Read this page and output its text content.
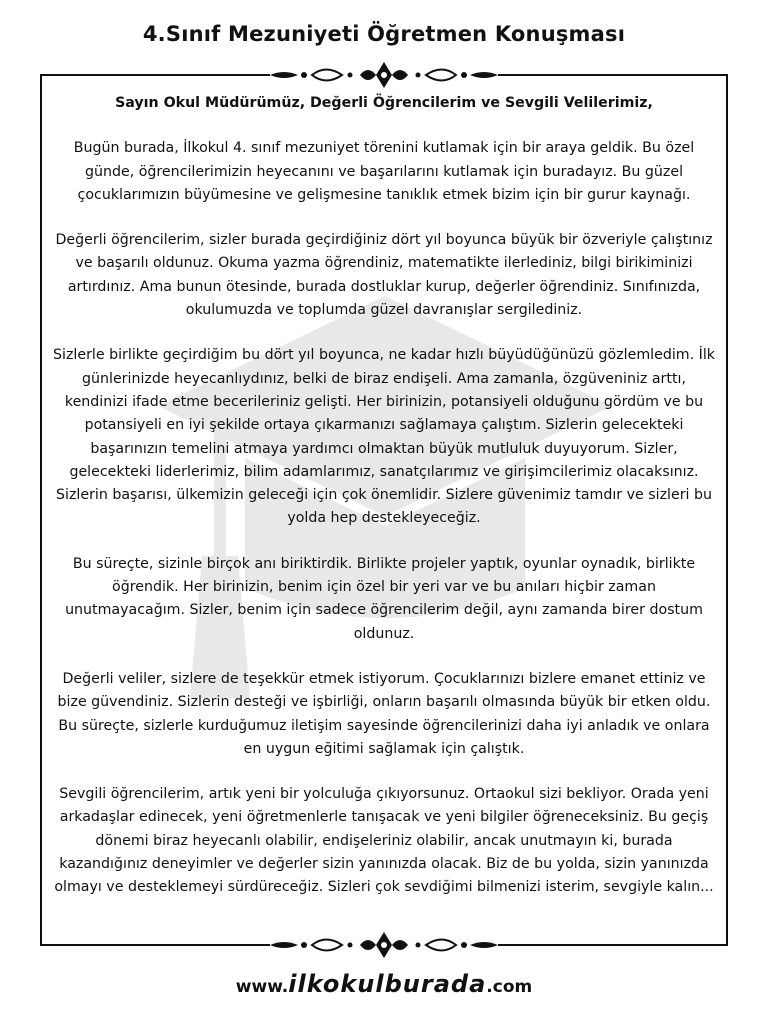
4.Sınıf Mezuniyeti Öğretmen Konuşması

Sayın Okul Müdürümüz, Değerli Öğrencilerim ve Sevgili Velilerimiz,

Bugün burada, İlkokul 4. sınıf mezuniyet törenini kutlamak için bir araya geldik. Bu özel günde, öğrencilerimizin heyecanını ve başarılarını kutlamak için buradayız. Bu güzel çocuklarımızın büyümesine ve gelişmesine tanıklık etmek bizim için bir gurur kaynağı.

Değerli öğrencilerim, sizler burada geçirdiğiniz dört yıl boyunca büyük bir özveriyle çalıştınız ve başarılı oldunuz. Okuma yazma öğrendiniz, matematikte ilerlediniz, bilgi birikiminizi artırdınız. Ama bunun ötesinde, burada dostluklar kurup, değerler öğrendiniz. Sınıfınızda, okulumuzda ve toplumda güzel davranışlar sergilediniz.

Sizlerle birlikte geçirdiğim bu dört yıl boyunca, ne kadar hızlı büyüdüğünüzü gözlemledim. İlk günlerinizde heyecanlıydınız, belki de biraz endişeli. Ama zamanla, özgüveniniz arttı, kendinizi ifade etme becerileriniz gelişti. Her birinizin, potansiyeli olduğunu gördüm ve bu potansiyeli en iyi şekilde ortaya çıkarmanızı sağlamaya çalıştım. Sizlerin gelecekteki başarınızın temelini atmaya yardımcı olmaktan büyük mutluluk duyuyorum. Sizler, gelecekteki liderlerimiz, bilim adamlarımız, sanatçılarımız ve girişimcilerimiz olacaksınız. Sizlerin başarısı, ülkemizin geleceği için çok önemlidir. Sizlere güvenimiz tamdır ve sizleri bu yolda hep destekleyeceğiz.

Bu süreçte, sizinle birçok anı biriktirdik. Birlikte projeler yaptık, oyunlar oynadık, birlikte öğrendik. Her birinizin, benim için özel bir yeri var ve bu anıları hiçbir zaman unutmayacağım. Sizler, benim için sadece öğrencilerim değil, aynı zamanda birer dostum oldunuz.

Değerli veliler, sizlere de teşekkür etmek istiyorum. Çocuklarınızı bizlere emanet ettiniz ve bize güvendiniz. Sizlerin desteği ve işbirliği, onların başarılı olmasında büyük bir etken oldu. Bu süreçte, sizlerle kurduğumuz iletişim sayesinde öğrencilerinizi daha iyi anladık ve onlara en uygun eğitimi sağlamak için çalıştık.

Sevgili öğrencilerim, artık yeni bir yolculuğa çıkıyorsunuz. Ortaokul sizi bekliyor. Orada yeni arkadaşlar edinecek, yeni öğretmenlerle tanışacak ve yeni bilgiler öğreneceksiniz. Bu geçiş dönemi biraz heyecanlı olabilir, endişeleriniz olabilir, ancak unutmayın ki, burada kazandığınız deneyimler ve değerler sizin yanınızda olacak. Biz de bu yolda, sizin yanınızda olmayı ve desteklemeyi sürdüreceğiz. Sizleri çok sevdiğimi bilmenizi isterim, sevgiyle kalın...

www.ilkokulburada.com
